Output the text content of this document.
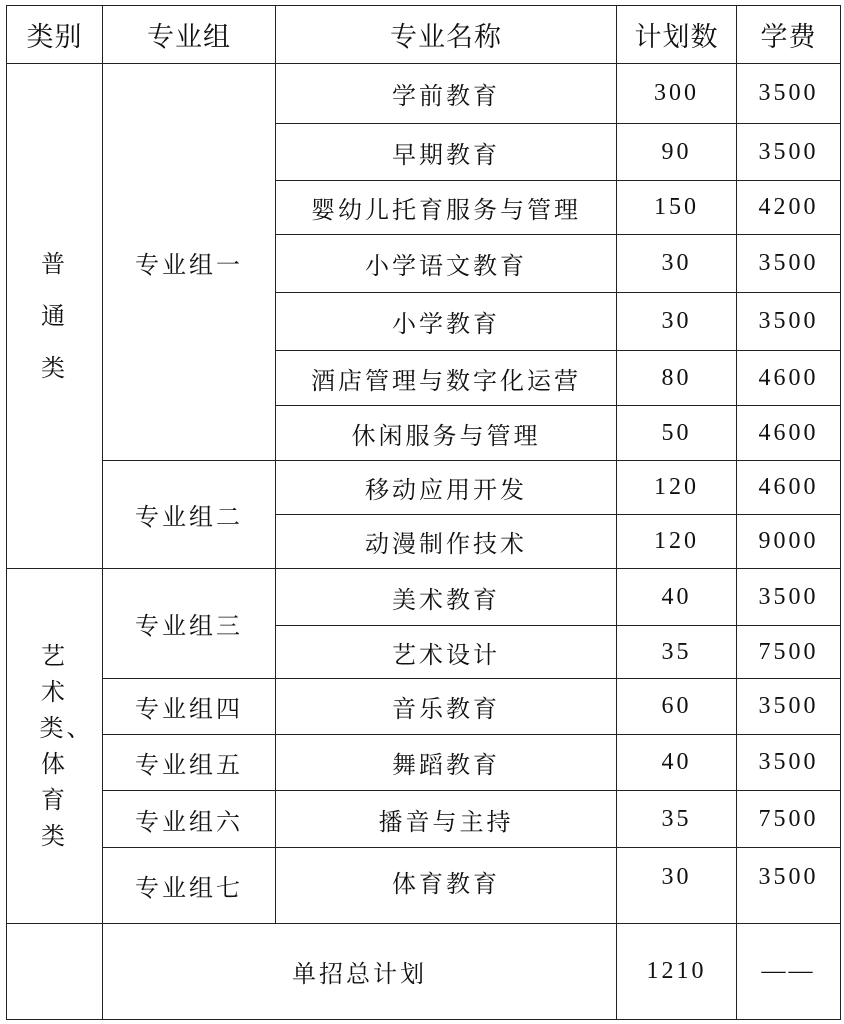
类别	专业组	专业名称	计划数	学费
普通类	专业组一	学前教育	300	3500
		早期教育	90	3500
		婴幼儿托育服务与管理	150	4200
		小学语文教育	30	3500
		小学教育	30	3500
		酒店管理与数字化运营	80	4600
		休闲服务与管理	50	4600
	专业组二	移动应用开发	120	4600
		动漫制作技术	120	9000
艺术类、体育类	专业组三	美术教育	40	3500
		艺术设计	35	7500
	专业组四	音乐教育	60	3500
	专业组五	舞蹈教育	40	3500
	专业组六	播音与主持	35	7500
	专业组七	体育教育	30	3500
	单招总计划		1210	——
